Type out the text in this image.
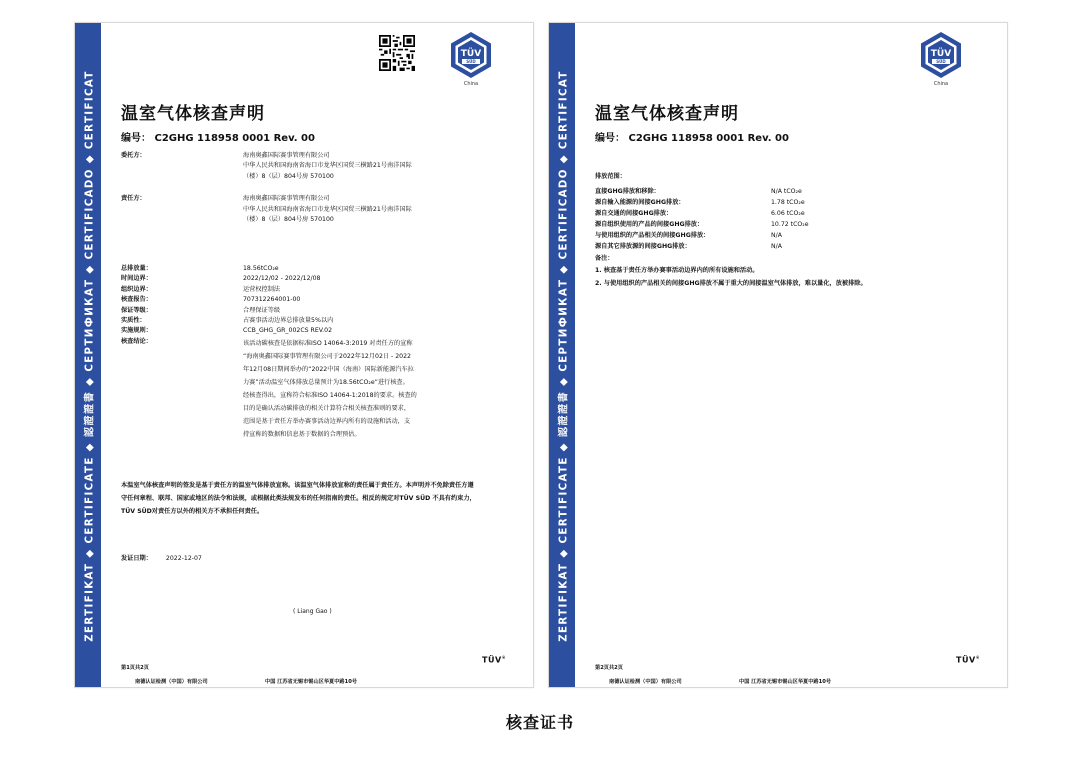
ZERTIFIKAT ◆ CERTIFICATE ◆ 認證證書 ◆ СЕРТИФИКАТ ◆ CERTIFICADO ◆ CERTIFICAT
TÜV
SÜD
China
温室气体核查声明
编号： C2GHG 118958 0001 Rev. 00
委托方：	海南奥鑫国际赛事管理有限公司
中华人民共和国海南省海口市龙华区国贸三横路21号南洋国际
（楼）8（层）804号房 570100
责任方：	海南奥鑫国际赛事管理有限公司
中华人民共和国海南省海口市龙华区国贸三横路21号南洋国际
（楼）8（层）804号房 570100
总排放量：	18.56tCO₂e
时间边界：	2022/12/02 - 2022/12/08
组织边界：	运营权控制法
核查报告：	707312264001-00
保证等级：	合理保证等级
实质性：	占赛事活动边界总排放量5%以内
实施规则：	CCB_GHG_GR_002CS REV.02
核查结论：	该活动碳核查是依据标准ISO 14064-3:2019 对责任方的宣称
“海南奥鑫国际赛事管理有限公司于2022年12月02日 - 2022
年12月08日期间举办的“2022中国（海南）国际新能源汽车拉
力赛”活动温室气体排放总量预计为18.56tCO₂e”进行核查。
经核查得出，宣称符合标准ISO 14064-1:2018的要求。核查的
目的是确认活动碳排放的相关计算符合相关核查准则的要求，
范围是基于责任方举办赛事活动边界内所有的设施和活动，支
持宣称的数据和信息基于数据的合理预估。
本温室气体核查声明的签发是基于责任方的温室气体排放宣称。该温室气体排放宣称的责任属于责任方。本声明并不免除责任方遵守任何章程、联邦、国家或地区的法令和法规，或根据此类法规发布的任何指南的责任。相反的规定对TÜV SÜD 不具有约束力，TÜV SÜD对责任方以外的相关方不承担任何责任。
发证日期： 2022-12-07
( Liang Gao )
第1页共2页
南德认证检测（中国）有限公司	中国 江苏省无锡市锡山区华夏中路10号
TÜV®
ZERTIFIKAT ◆ CERTIFICATE ◆ 認證證書 ◆ СЕРТИФИКАТ ◆ CERTIFICADO ◆ CERTIFICAT
TÜV
SÜD
China
温室气体核查声明
编号： C2GHG 118958 0001 Rev. 00
排放范围：
直接GHG排放和移除：	N/A tCO₂e
源自输入能源的间接GHG排放：	1.78 tCO₂e
源自交通的间接GHG排放：	6.06 tCO₂e
源自组织使用的产品的间接GHG排放：	10.72 tCO₂e
与使用组织的产品相关的间接GHG排放：	N/A
源自其它排放源的间接GHG排放：	N/A
备注：
1. 核查基于责任方举办赛事活动边界内的所有设施和活动。
2. 与使用组织的产品相关的间接GHG排放不属于重大的间接温室气体排放，难以量化，放被排除。
第2页共2页
南德认证检测（中国）有限公司	中国 江苏省无锡市锡山区华夏中路10号
TÜV®
核查证书
